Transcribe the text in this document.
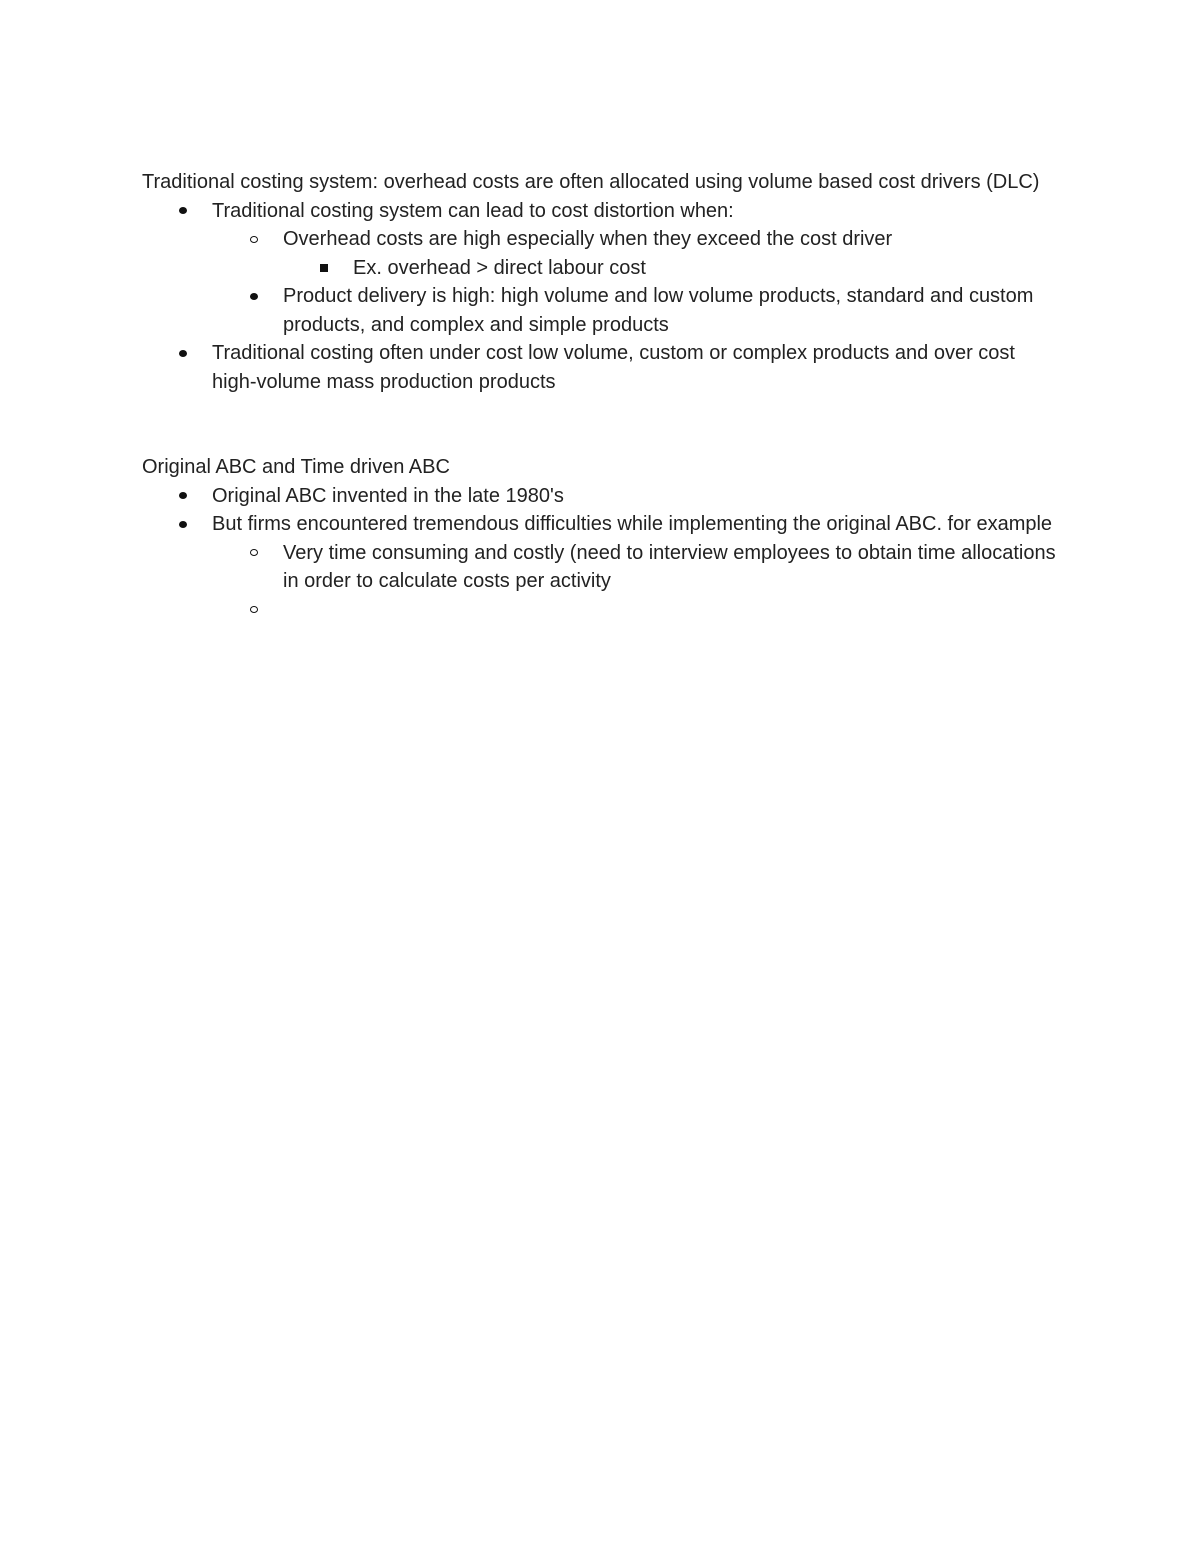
Traditional costing system: overhead costs are often allocated using volume based cost drivers (DLC)

Traditional costing system can lead to cost distortion when:
Overhead costs are high especially when they exceed the cost driver
Ex. overhead > direct labour cost
Product delivery is high: high volume and low volume products, standard and custom products, and complex and simple products
Traditional costing often under cost low volume, custom or complex products and over cost high-volume mass production products

Original ABC and Time driven ABC

Original ABC invented in the late 1980's
But firms encountered tremendous difficulties while implementing the original ABC. for example
Very time consuming and costly (need to interview employees to obtain time allocations in order to calculate costs per activity
